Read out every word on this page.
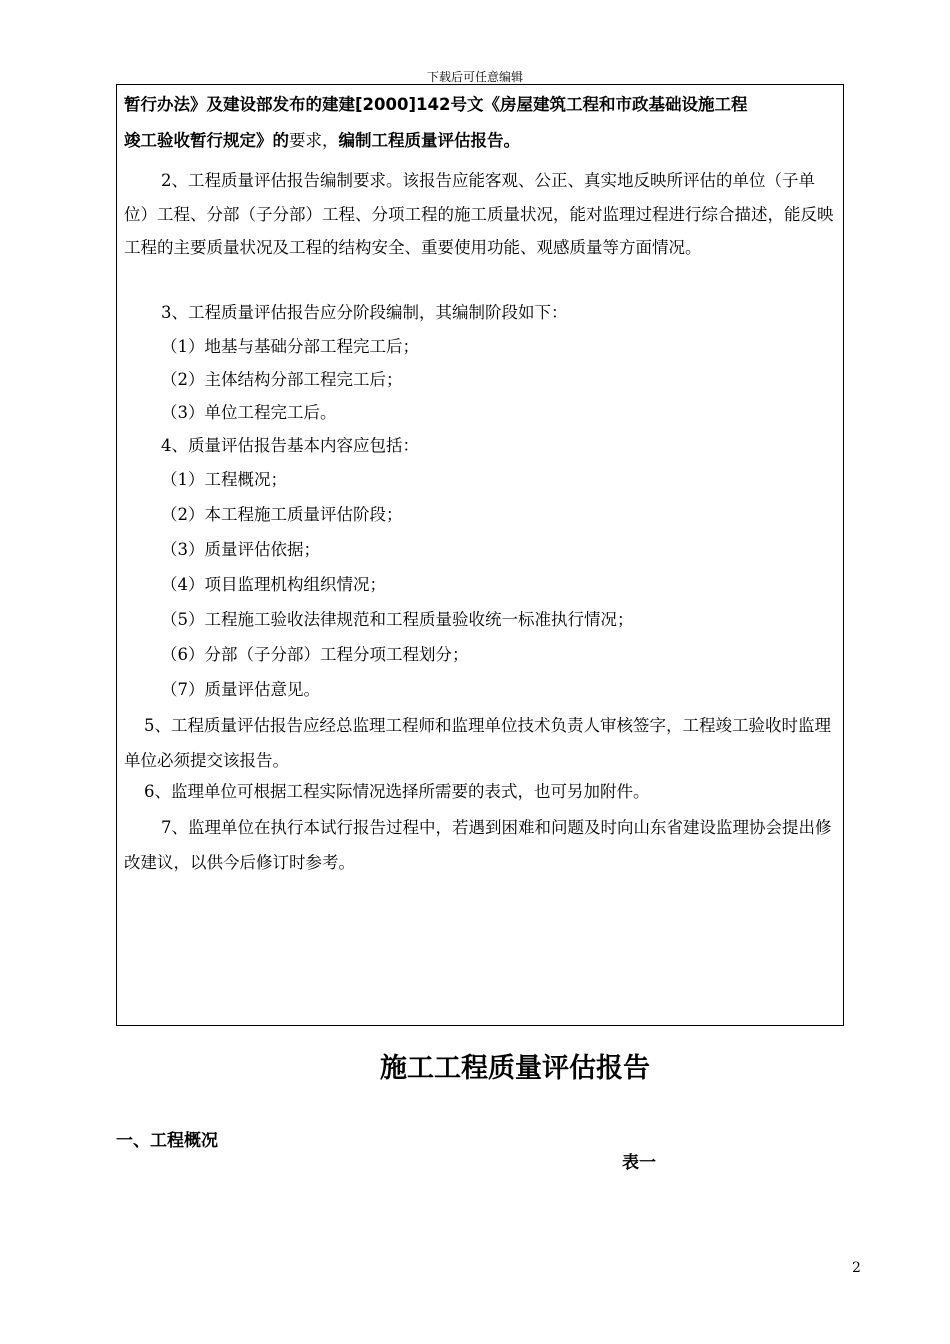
下载后可任意编辑

暂行办法》及建设部发布的建建[2000]142号文《房屋建筑工程和市政基础设施工程

竣工验收暂行规定》的要求，编制工程质量评估报告。

2、工程质量评估报告编制要求。该报告应能客观、公正、真实地反映所评估的单位（子单位）工程、分部（子分部）工程、分项工程的施工质量状况，能对监理过程进行综合描述，能反映工程的主要质量状况及工程的结构安全、重要使用功能、观感质量等方面情况。

3、工程质量评估报告应分阶段编制，其编制阶段如下：

（1）地基与基础分部工程完工后；

（2）主体结构分部工程完工后；

（3）单位工程完工后。

4、质量评估报告基本内容应包括：

（1）工程概况；

（2）本工程施工质量评估阶段；

（3）质量评估依据；

（4）项目监理机构组织情况；

（5）工程施工验收法律规范和工程质量验收统一标准执行情况；

（6）分部（子分部）工程分项工程划分；

（7）质量评估意见。

5、工程质量评估报告应经总监理工程师和监理单位技术负责人审核签字，工程竣工验收时监理单位必须提交该报告。

6、监理单位可根据工程实际情况选择所需要的表式，也可另加附件。

7、监理单位在执行本试行报告过程中，若遇到困难和问题及时向山东省建设监理协会提出修改建议，以供今后修订时参考。

施工工程质量评估报告
一、工程概况
表一
2
